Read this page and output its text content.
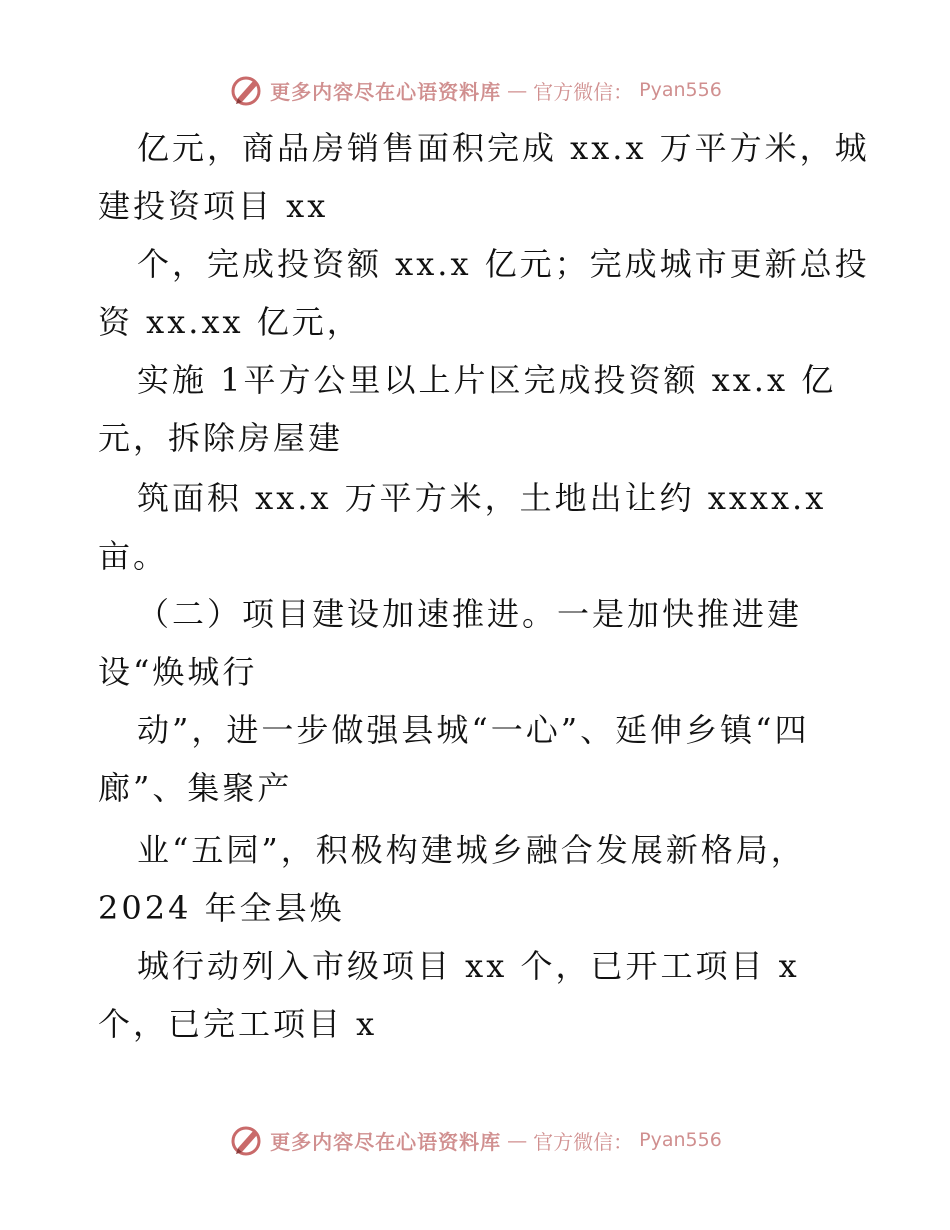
更多内容尽在心语资料库 — 官方微信： Pyan556
亿元，商品房销售面积完成 xx.x 万平方米，城
建投资项目 xx
个，完成投资额 xx.x 亿元；完成城市更新总投
资 xx.xx 亿元，
实施 1平方公里以上片区完成投资额 xx.x 亿
元，拆除房屋建
筑面积 xx.x 万平方米，土地出让约 xxxx.x
亩。
（二）项目建设加速推进。一是加快推进建
设“焕城行
动”，进一步做强县城“一心”、延伸乡镇“四
廊”、集聚产
业“五园”，积极构建城乡融合发展新格局，
2024 年全县焕
城行动列入市级项目 xx 个，已开工项目 x
个，已完工项目 x
更多内容尽在心语资料库 — 官方微信： Pyan556
